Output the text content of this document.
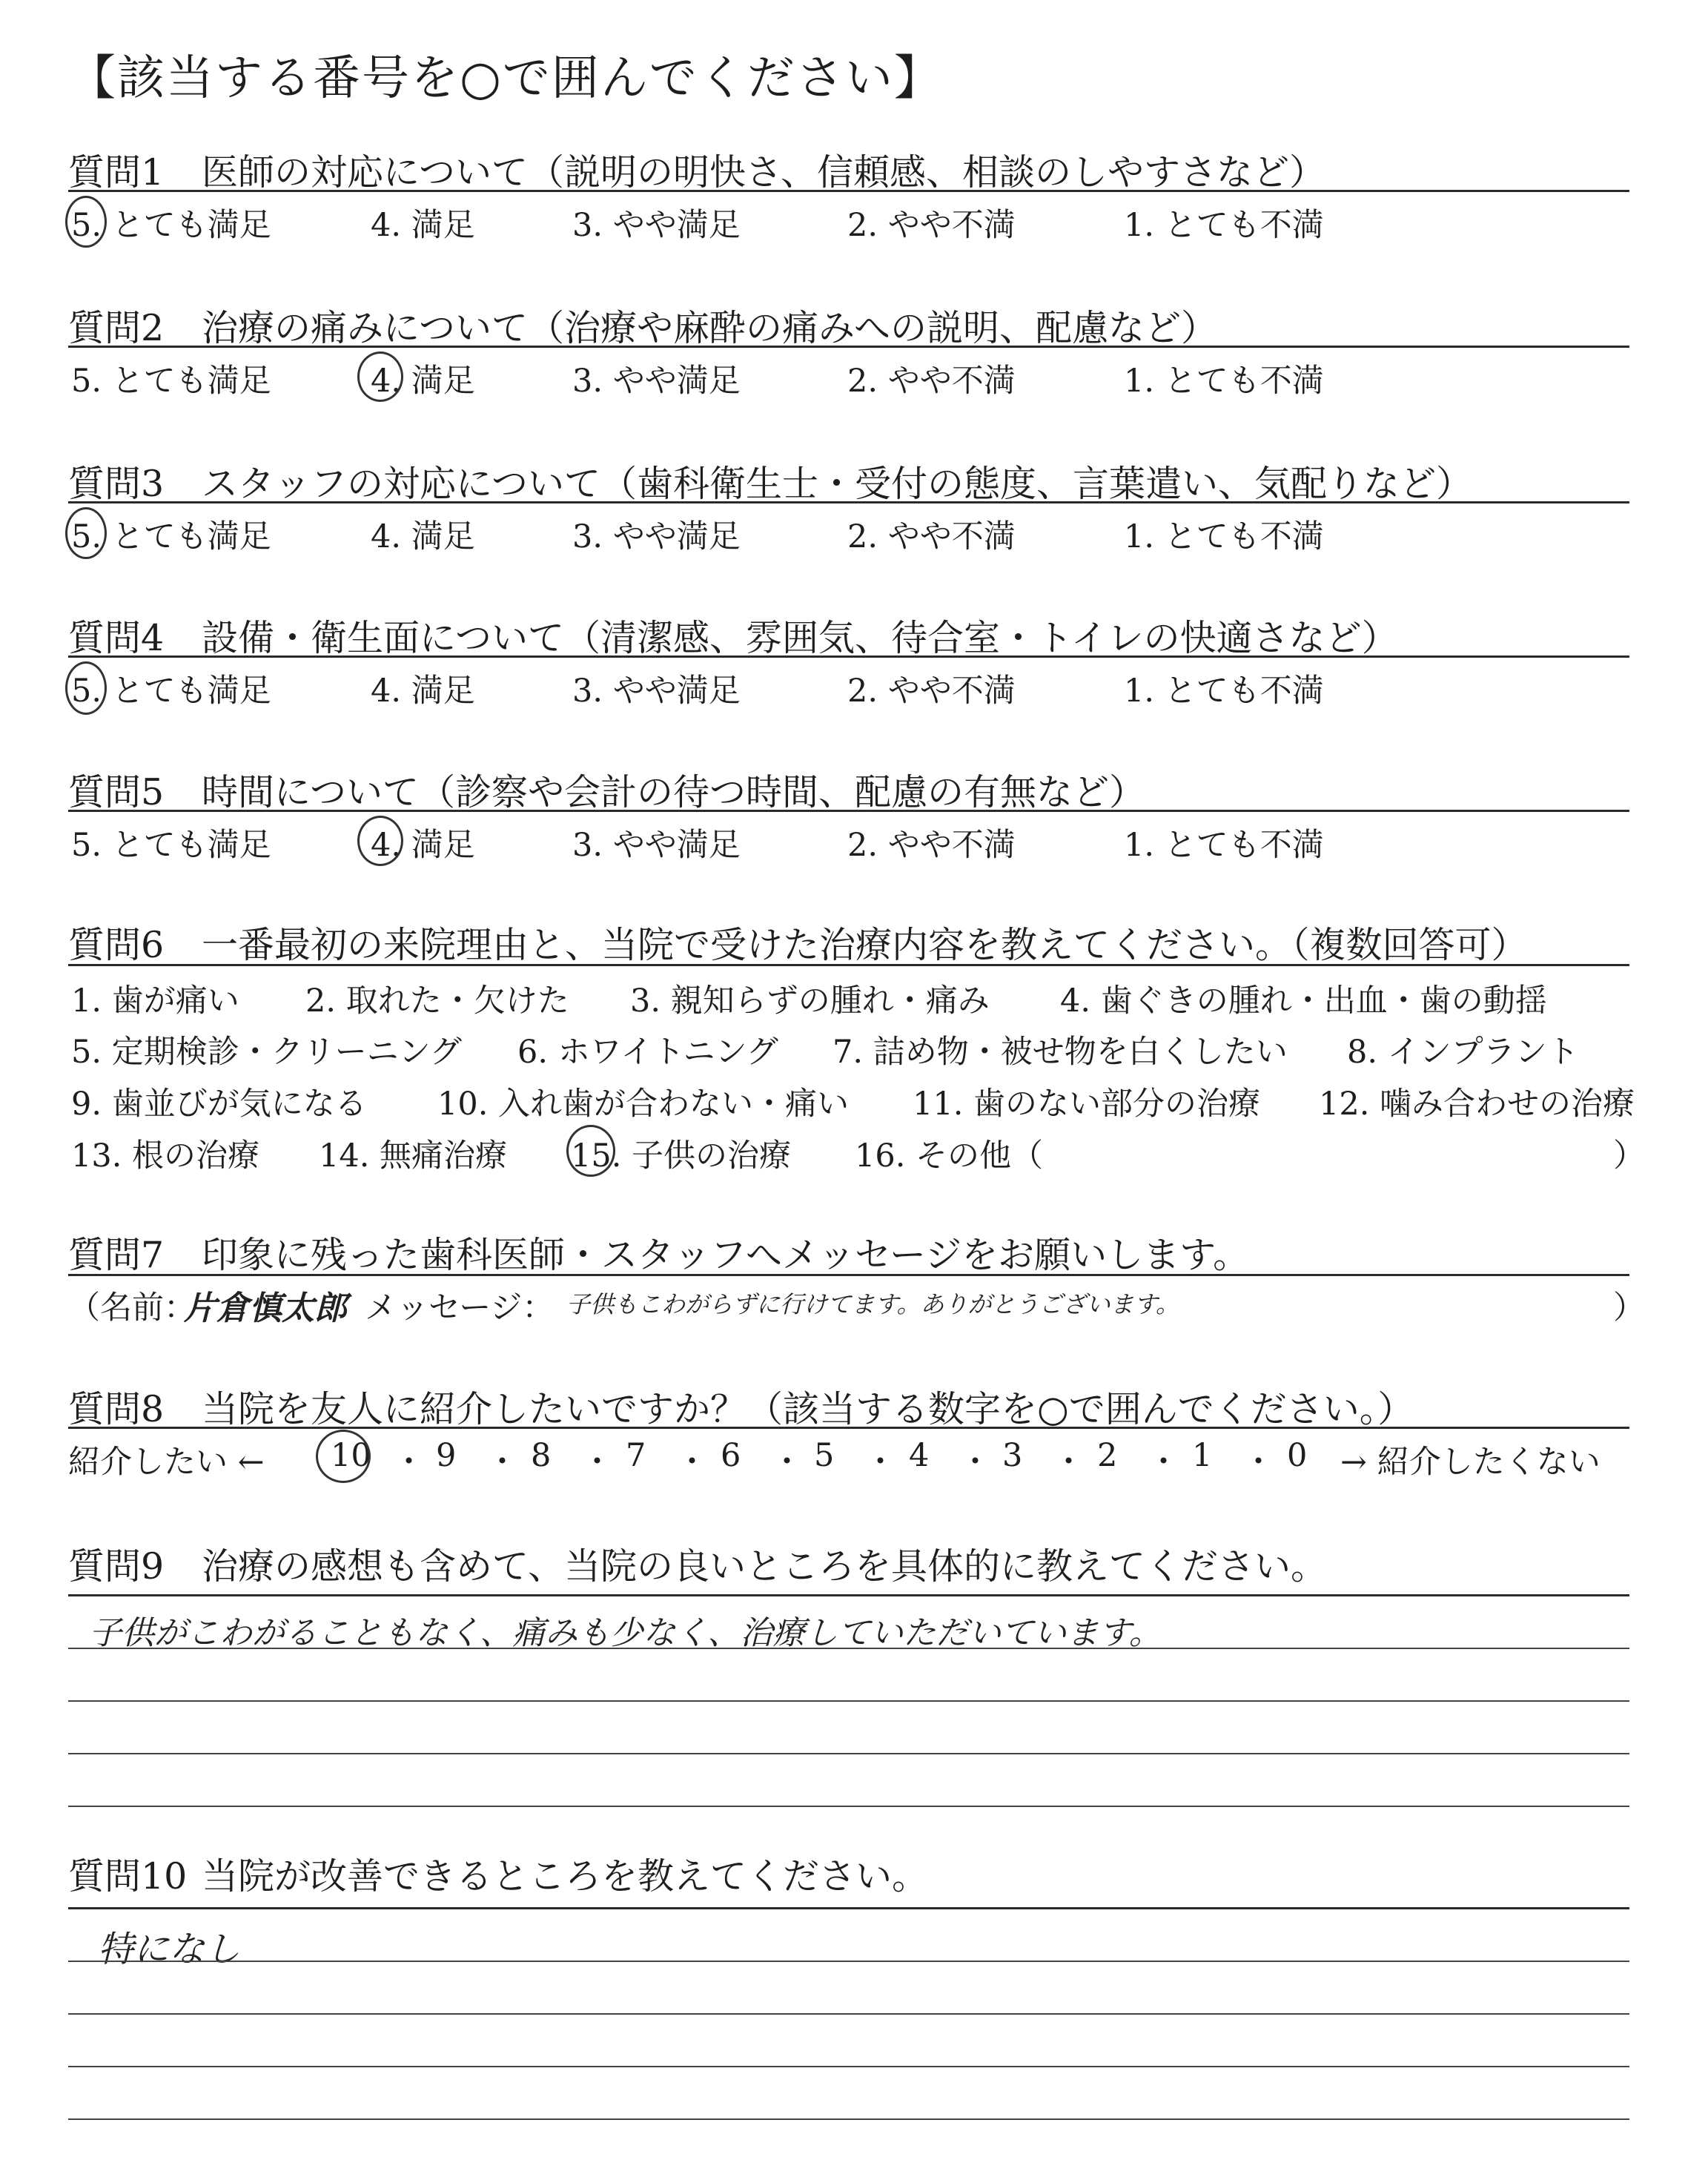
【該当する番号を○で囲んでください】
質問1 医師の対応について（説明の明快さ、信頼感、相談のしやすさなど）
5. とても満足	4. 満足	3. やや満足	2. やや不満	1. とても不満
質問2 治療の痛みについて（治療や麻酔の痛みへの説明、配慮など）
5. とても満足	4. 満足	3. やや満足	2. やや不満	1. とても不満
質問3 スタッフの対応について（歯科衛生士・受付の態度、言葉遣い、気配りなど）
5. とても満足	4. 満足	3. やや満足	2. やや不満	1. とても不満
質問4 設備・衛生面について（清潔感、雰囲気、待合室・トイレの快適さなど）
5. とても満足	4. 満足	3. やや満足	2. やや不満	1. とても不満
質問5 時間について（診察や会計の待つ時間、配慮の有無など）
5. とても満足	4. 満足	3. やや満足	2. やや不満	1. とても不満
質問6 一番最初の来院理由と、当院で受けた治療内容を教えてください。（複数回答可）
1. 歯が痛い 2. 取れた・欠けた 3. 親知らずの腫れ・痛み 4. 歯ぐきの腫れ・出血・歯の動揺
5. 定期検診・クリーニング 6. ホワイトニング 7. 詰め物・被せ物を白くしたい 8. インプラント
9. 歯並びが気になる 10. 入れ歯が合わない・痛い 11. 歯のない部分の治療 12. 噛み合わせの治療
13. 根の治療 14. 無痛治療 15. 子供の治療 16. その他（	）
質問7 印象に残った歯科医師・スタッフへメッセージをお願いします。
（名前：
片倉慎太郎 メッセージ： 子供もこわがらずに行けてます。ありがとうございます。	）
質問8 当院を友人に紹介したいですか？（該当する数字を○で囲んでください。）
紹介したい ← 10 ・ 9 ・ 8 ・ 7 ・ 6 ・ 5 ・ 4 ・ 3 ・ 2 ・ 1 ・ 0 → 紹介したくない
質問9 治療の感想も含めて、当院の良いところを具体的に教えてください。
子供がこわがることもなく、痛みも少なく、治療していただいています。
質問10 当院が改善できるところを教えてください。
特になし
